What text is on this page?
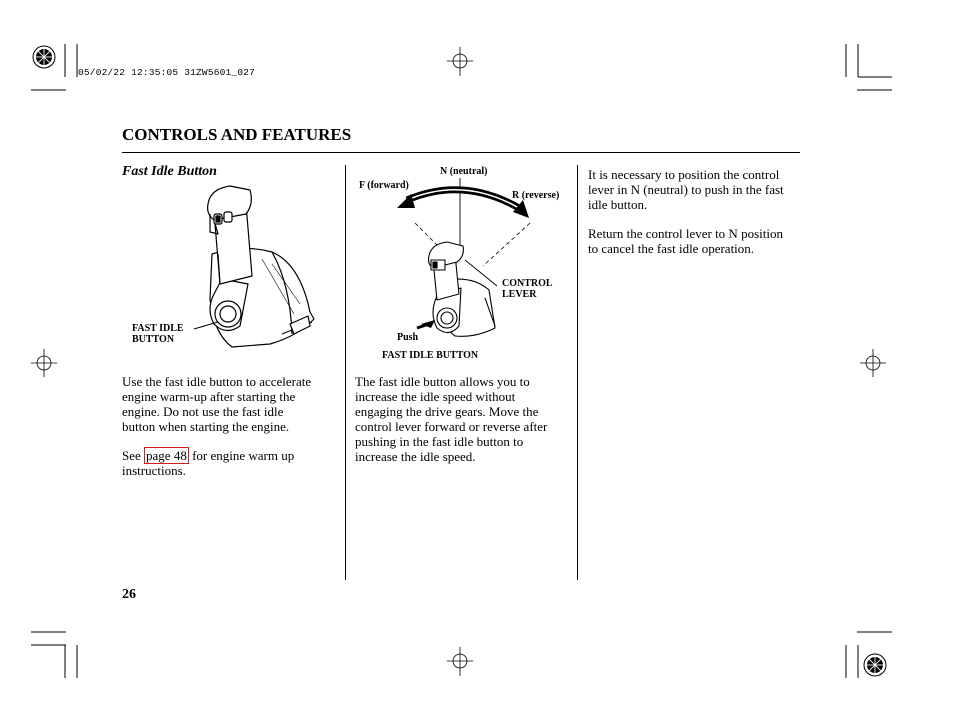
05/02/22 12:35:05 31ZW5601_027
CONTROLS AND FEATURES
Fast Idle Button
FAST IDLE
BUTTON
Use the fast idle button to accelerate
engine warm-up after starting the
engine. Do not use the fast idle
button when starting the engine.
See page 48 for engine warm up
instructions.
N (neutral)
F (forward)
R (reverse)
CONTROL
LEVER
Push
FAST IDLE BUTTON
The fast idle button allows you to
increase the idle speed without
engaging the drive gears. Move the
control lever forward or reverse after
pushing in the fast idle button to
increase the idle speed.
It is necessary to position the control
lever in N (neutral) to push in the fast
idle button.
Return the control lever to N position
to cancel the fast idle operation.
26
